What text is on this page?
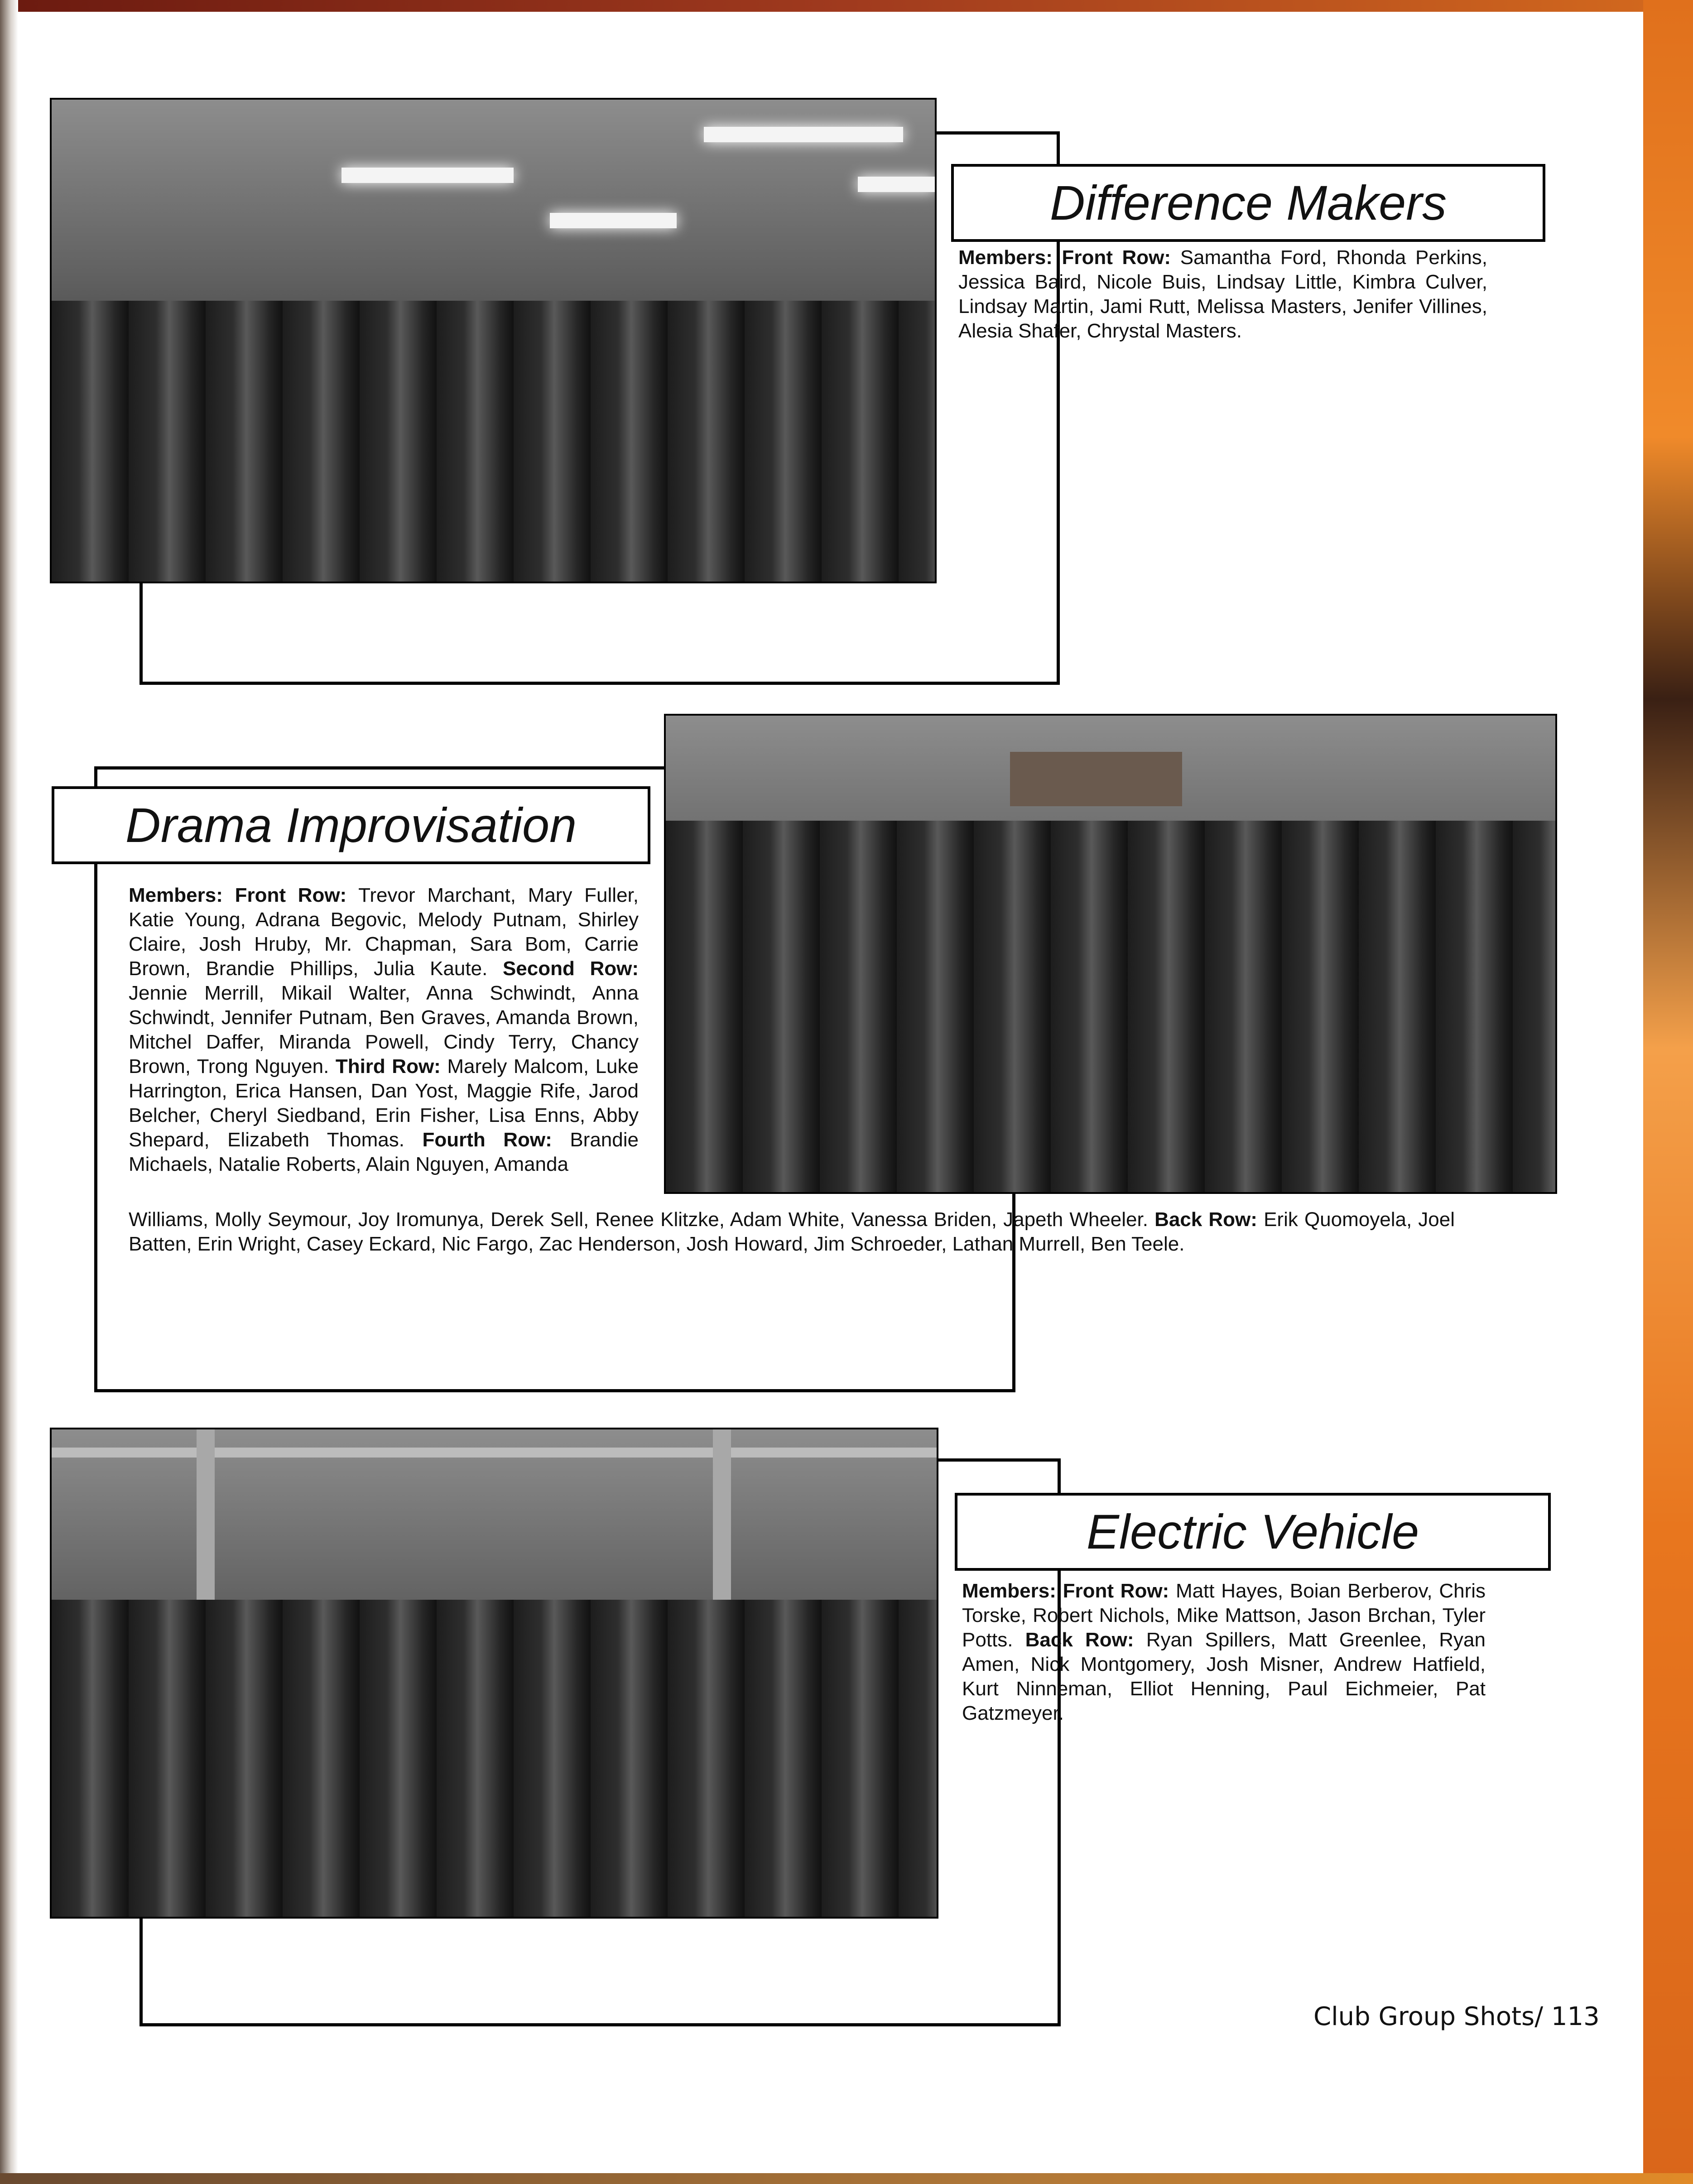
Difference Makers
Members: Front Row: Samantha Ford, Rhonda Perkins, Jessica Baird, Nicole Buis, Lindsay Little, Kimbra Culver, Lindsay Martin, Jami Rutt, Melissa Masters, Jenifer Villines, Alesia Shafer, Chrystal Masters.
Drama Improvisation
Members: Front Row: Trevor Marchant, Mary Fuller, Katie Young, Adrana Begovic, Melody Putnam, Shirley Claire, Josh Hruby, Mr. Chapman, Sara Bom, Carrie Brown, Brandie Phillips, Julia Kaute. Second Row: Jennie Merrill, Mikail Walter, Anna Schwindt, Anna Schwindt, Jennifer Putnam, Ben Graves, Amanda Brown, Mitchel Daffer, Miranda Powell, Cindy Terry, Chancy Brown, Trong Nguyen. Third Row: Marely Malcom, Luke Harrington, Erica Hansen, Dan Yost, Maggie Rife, Jarod Belcher, Cheryl Siedband, Erin Fisher, Lisa Enns, Abby Shepard, Elizabeth Thomas. Fourth Row: Brandie Michaels, Natalie Roberts, Alain Nguyen, Amanda
Williams, Molly Seymour, Joy Iromunya, Derek Sell, Renee Klitzke, Adam White, Vanessa Briden, Japeth Wheeler. Back Row: Erik Quomoyela, Joel Batten, Erin Wright, Casey Eckard, Nic Fargo, Zac Henderson, Josh Howard, Jim Schroeder, Lathan Murrell, Ben Teele.
Electric Vehicle
Members: Front Row: Matt Hayes, Boian Berberov, Chris Torske, Robert Nichols, Mike Mattson, Jason Brchan, Tyler Potts. Back Row: Ryan Spillers, Matt Greenlee, Ryan Amen, Nick Montgomery, Josh Misner, Andrew Hatfield, Kurt Ninneman, Elliot Henning, Paul Eichmeier, Pat Gatzmeyer.
Club Group Shots/ 113
